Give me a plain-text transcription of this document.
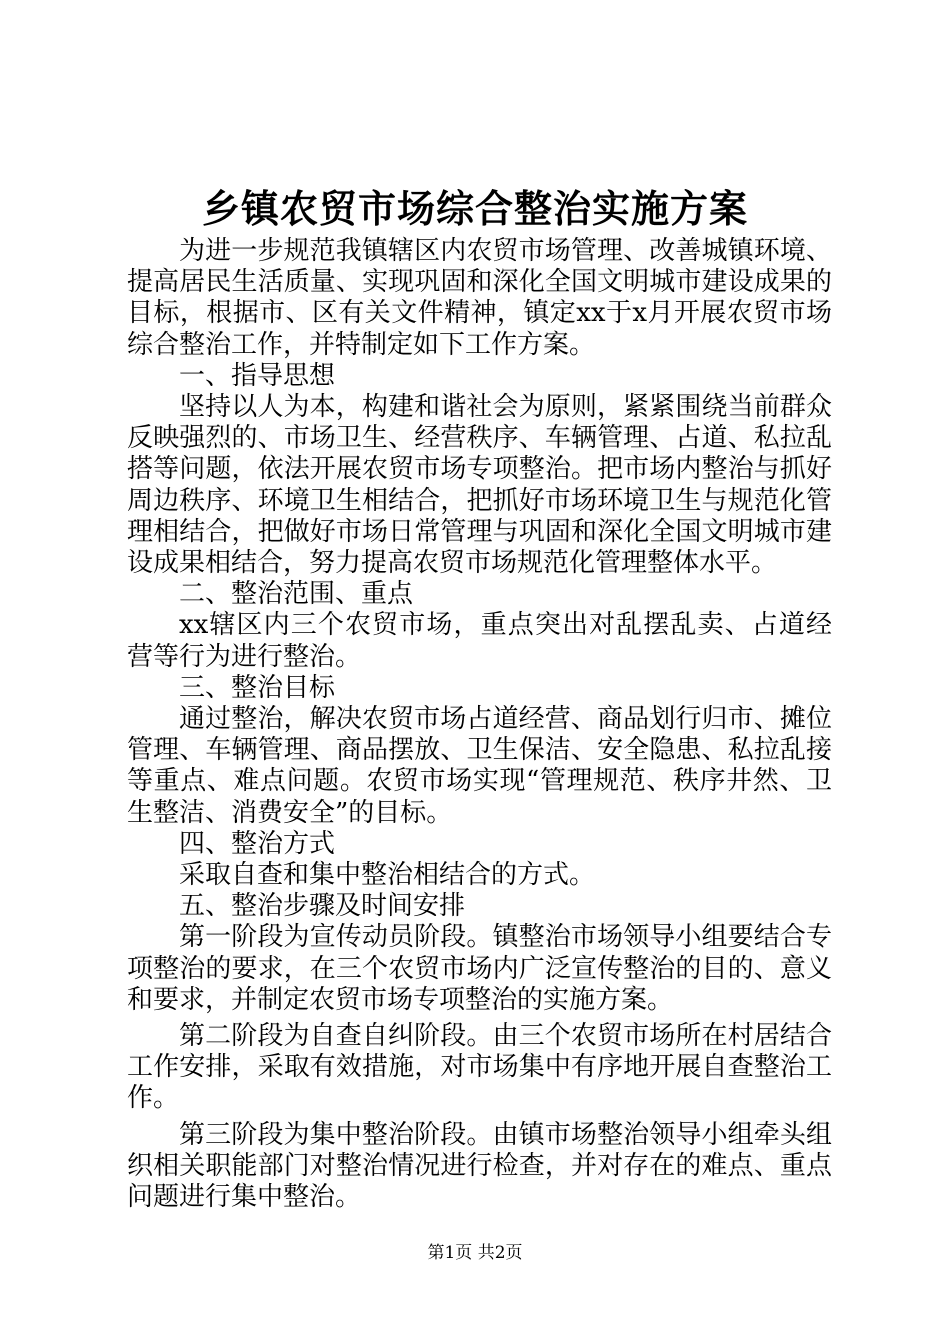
乡镇农贸市场综合整治实施方案

为进一步规范我镇辖区内农贸市场管理、改善城镇环境、提高居民生活质量、实现巩固和深化全国文明城市建设成果的目标，根据市、区有关文件精神，镇定xx于x月开展农贸市场综合整治工作，并特制定如下工作方案。

一、指导思想

坚持以人为本，构建和谐社会为原则，紧紧围绕当前群众反映强烈的、市场卫生、经营秩序、车辆管理、占道、私拉乱搭等问题，依法开展农贸市场专项整治。把市场内整治与抓好周边秩序、环境卫生相结合，把抓好市场环境卫生与规范化管理相结合，把做好市场日常管理与巩固和深化全国文明城市建设成果相结合，努力提高农贸市场规范化管理整体水平。

二、整治范围、重点

xx辖区内三个农贸市场，重点突出对乱摆乱卖、占道经营等行为进行整治。

三、整治目标

通过整治，解决农贸市场占道经营、商品划行归市、摊位管理、车辆管理、商品摆放、卫生保洁、安全隐患、私拉乱接等重点、难点问题。农贸市场实现“管理规范、秩序井然、卫生整洁、消费安全”的目标。

四、整治方式

采取自查和集中整治相结合的方式。

五、整治步骤及时间安排

第一阶段为宣传动员阶段。镇整治市场领导小组要结合专项整治的要求，在三个农贸市场内广泛宣传整治的目的、意义和要求，并制定农贸市场专项整治的实施方案。

第二阶段为自查自纠阶段。由三个农贸市场所在村居结合工作安排，采取有效措施，对市场集中有序地开展自查整治工作。

第三阶段为集中整治阶段。由镇市场整治领导小组牵头组织相关职能部门对整治情况进行检查，并对存在的难点、重点问题进行集中整治。

第1页 共2页
